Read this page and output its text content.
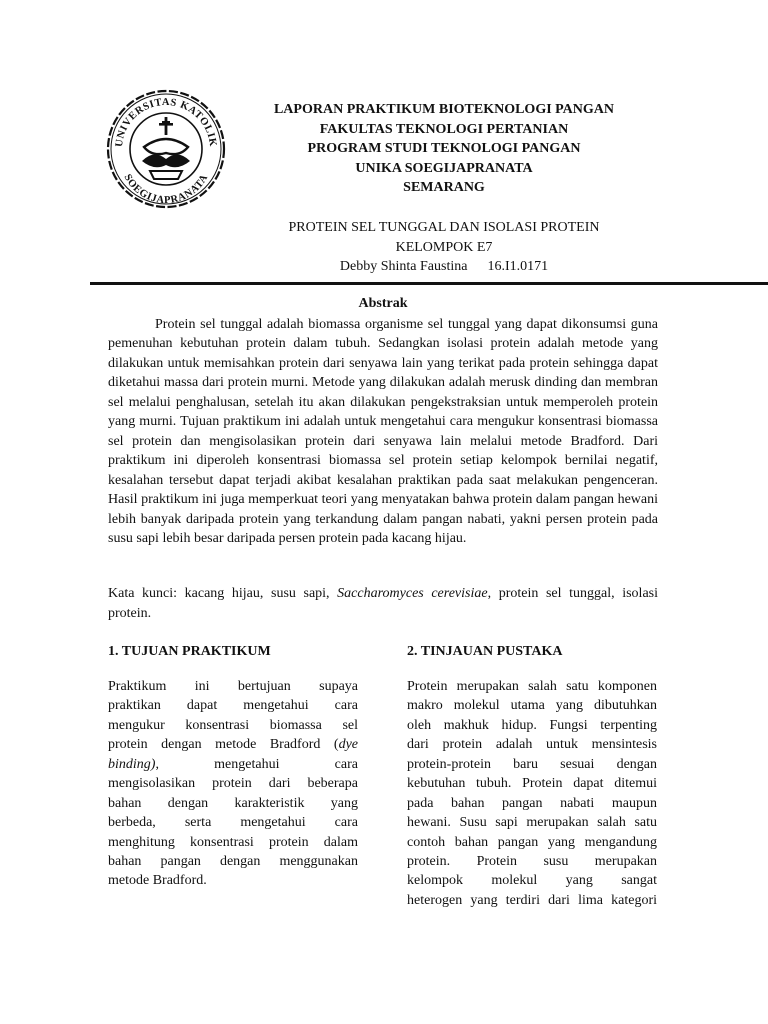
UNIVERSITAS KATOLIK
SOEGIJAPRANATA
LAPORAN PRAKTIKUM BIOTEKNOLOGI PANGAN
FAKULTAS TEKNOLOGI PERTANIAN
PROGRAM STUDI TEKNOLOGI PANGAN
UNIKA SOEGIJAPRANATA
SEMARANG
PROTEIN SEL TUNGGAL DAN ISOLASI PROTEIN
KELOMPOK E7
Debby Shinta Faustina 16.I1.0171
Abstrak

Protein sel tunggal adalah biomassa organisme sel tunggal yang dapat dikonsumsi guna pemenuhan kebutuhan protein dalam tubuh. Sedangkan isolasi protein adalah metode yang dilakukan untuk memisahkan protein dari senyawa lain yang terikat pada protein sehingga dapat diketahui massa dari protein murni. Metode yang dilakukan adalah merusk dinding dan membran sel melalui penghalusan, setelah itu akan dilakukan pengekstraksian untuk memperoleh protein yang murni. Tujuan praktikum ini adalah untuk mengetahui cara mengukur konsentrasi biomassa sel protein dan mengisolasikan protein dari senyawa lain melalui metode Bradford. Dari praktikum ini diperoleh konsentrasi biomassa sel protein setiap kelompok bernilai negatif, kesalahan tersebut dapat terjadi akibat kesalahan praktikan pada saat melakukan pengenceran. Hasil praktikum ini juga memperkuat teori yang menyatakan bahwa protein dalam pangan hewani lebih banyak daripada protein yang terkandung dalam pangan nabati, yakni persen protein pada susu sapi lebih besar daripada persen protein pada kacang hijau.

Kata kunci: kacang hijau, susu sapi, Saccharomyces cerevisiae, protein sel tunggal, isolasi protein.

1. TUJUAN PRAKTIKUM
Praktikum ini bertujuan supaya
praktikan dapat mengetahui cara
mengukur konsentrasi biomassa sel
protein dengan metode Bradford (dye
binding), mengetahui cara
mengisolasikan protein dari beberapa
bahan dengan karakteristik yang
berbeda, serta mengetahui cara
menghitung konsentrasi protein dalam
bahan pangan dengan menggunakan
metode Bradford.
2. TINJAUAN PUSTAKA
Protein merupakan salah satu komponen
makro molekul utama yang dibutuhkan
oleh makhuk hidup. Fungsi terpenting
dari protein adalah untuk mensintesis
protein-protein baru sesuai dengan
kebutuhan tubuh. Protein dapat ditemui
pada bahan pangan nabati maupun
hewani. Susu sapi merupakan salah satu
contoh bahan pangan yang mengandung
protein. Protein susu merupakan
kelompok molekul yang sangat
heterogen yang terdiri dari lima kategori
